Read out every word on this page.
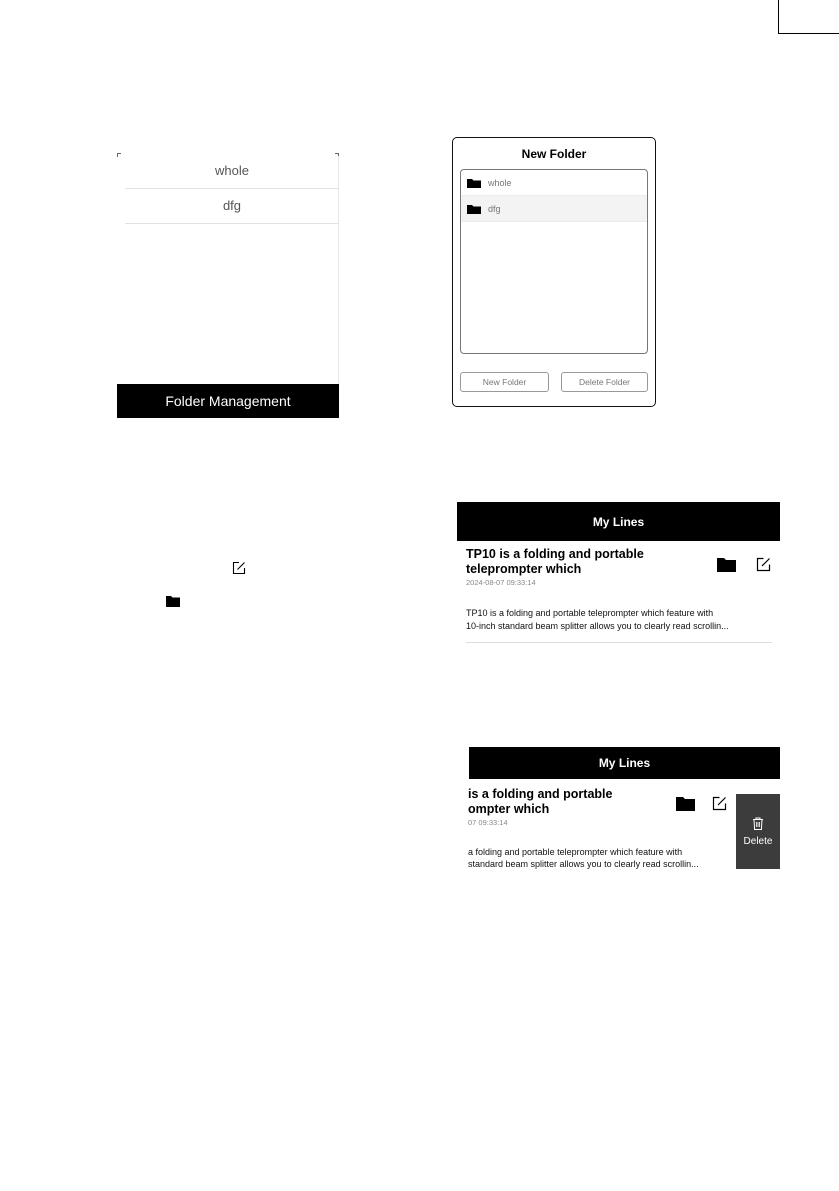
whole
dfg
Folder Management
New Folder
whole
dfg
New Folder	Delete Folder
My Lines
TP10 is a folding and portable
teleprompter which
2024-08-07 09:33:14
TP10 is a folding and portable teleprompter which feature with
10-inch standard beam splitter allows you to clearly read scrollin...
My Lines
is a folding and portable
ompter which
07 09:33:14
a folding and portable teleprompter which feature with
standard beam splitter allows you to clearly read scrollin...
Delete
